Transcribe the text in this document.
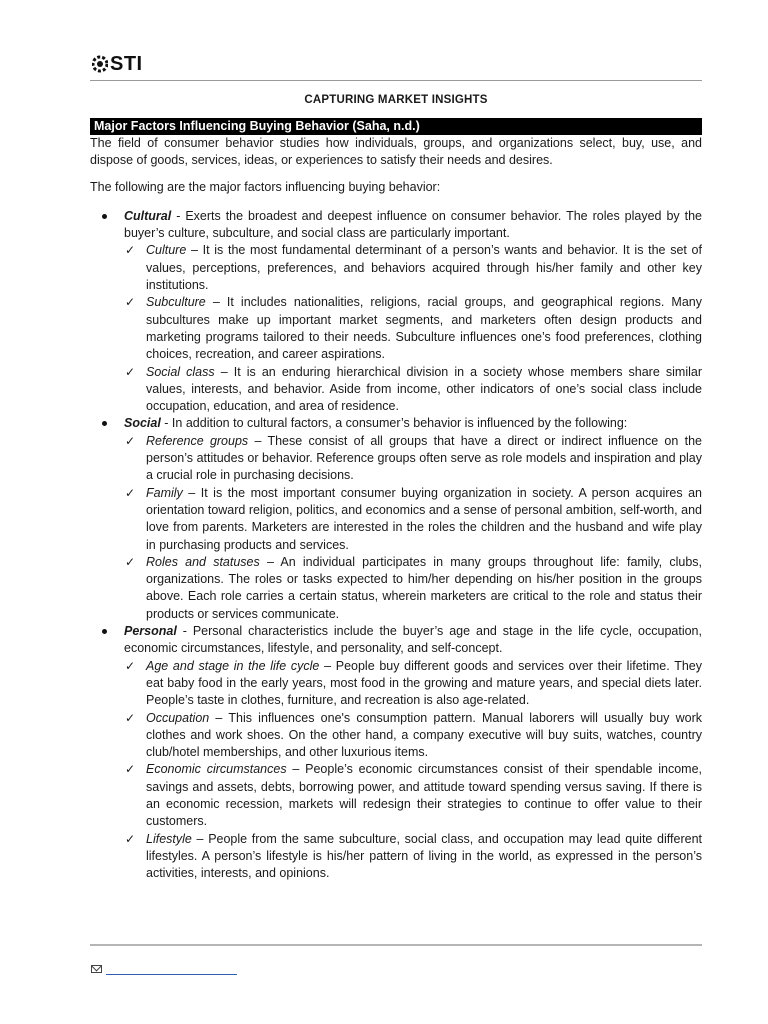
STI
CAPTURING MARKET INSIGHTS
Major Factors Influencing Buying Behavior (Saha, n.d.)

The field of consumer behavior studies how individuals, groups, and organizations select, buy, use, and dispose of goods, services, ideas, or experiences to satisfy their needs and desires.

The following are the major factors influencing buying behavior:

Cultural - Exerts the broadest and deepest influence on consumer behavior. The roles played by the buyer’s culture, subculture, and social class are particularly important.
✓ Culture – It is the most fundamental determinant of a person’s wants and behavior. It is the set of values, perceptions, preferences, and behaviors acquired through his/her family and other key institutions.
✓ Subculture – It includes nationalities, religions, racial groups, and geographical regions. Many subcultures make up important market segments, and marketers often design products and marketing programs tailored to their needs. Subculture influences one’s food preferences, clothing choices, recreation, and career aspirations.
✓ Social class – It is an enduring hierarchical division in a society whose members share similar values, interests, and behavior. Aside from income, other indicators of one’s social class include occupation, education, and area of residence.
Social - In addition to cultural factors, a consumer’s behavior is influenced by the following:
✓ Reference groups – These consist of all groups that have a direct or indirect influence on the person’s attitudes or behavior. Reference groups often serve as role models and inspiration and play a crucial role in purchasing decisions.
✓ Family – It is the most important consumer buying organization in society. A person acquires an orientation toward religion, politics, and economics and a sense of personal ambition, self-worth, and love from parents. Marketers are interested in the roles the children and the husband and wife play in purchasing products and services.
✓ Roles and statuses – An individual participates in many groups throughout life: family, clubs, organizations. The roles or tasks expected to him/her depending on his/her position in the groups above. Each role carries a certain status, wherein marketers are critical to the role and status their products or services communicate.
Personal - Personal characteristics include the buyer’s age and stage in the life cycle, occupation, economic circumstances, lifestyle, and personality, and self-concept.
✓ Age and stage in the life cycle – People buy different goods and services over their lifetime. They eat baby food in the early years, most food in the growing and mature years, and special diets later. People’s taste in clothes, furniture, and recreation is also age-related.
✓ Occupation – This influences one's consumption pattern. Manual laborers will usually buy work clothes and work shoes. On the other hand, a company executive will buy suits, watches, country club/hotel memberships, and other luxurious items.
✓ Economic circumstances – People’s economic circumstances consist of their spendable income, savings and assets, debts, borrowing power, and attitude toward spending versus saving. If there is an economic recession, markets will redesign their strategies to continue to offer value to their customers.
✓ Lifestyle – People from the same subculture, social class, and occupation may lead quite different lifestyles. A person’s lifestyle is his/her pattern of living in the world, as expressed in the person’s activities, interests, and opinions.
